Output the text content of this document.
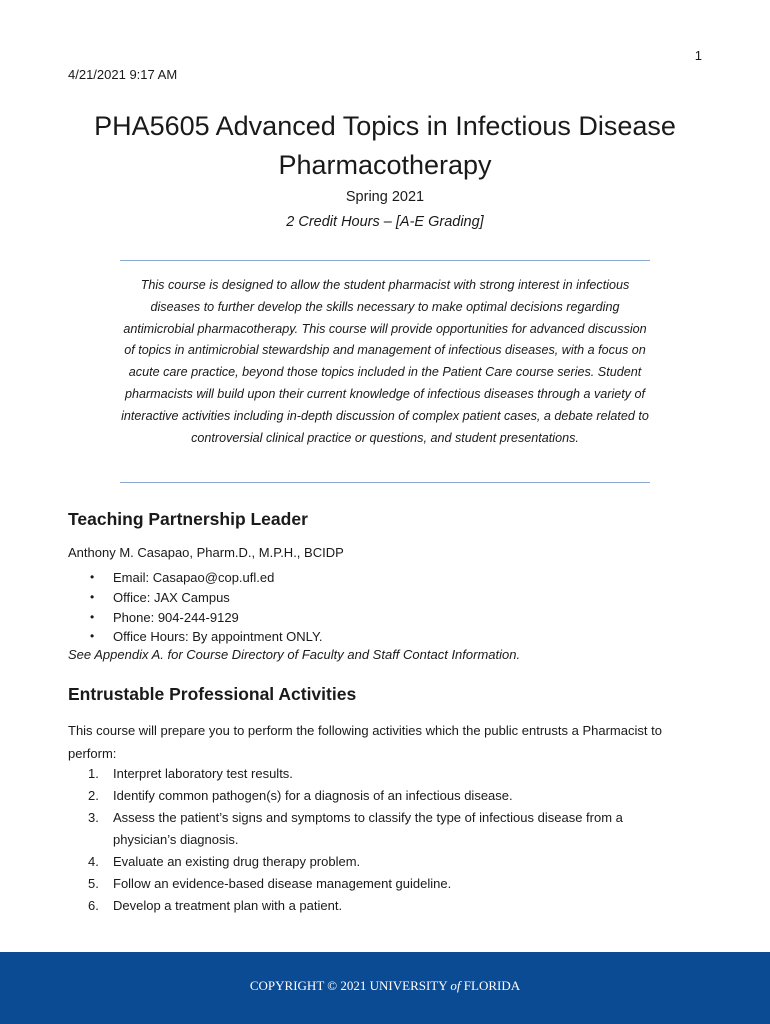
1
4/21/2021 9:17 AM
PHA5605 Advanced Topics in Infectious Disease Pharmacotherapy
Spring 2021
2 Credit Hours – [A-E Grading]
This course is designed to allow the student pharmacist with strong interest in infectious diseases to further develop the skills necessary to make optimal decisions regarding antimicrobial pharmacotherapy. This course will provide opportunities for advanced discussion of topics in antimicrobial stewardship and management of infectious diseases, with a focus on acute care practice, beyond those topics included in the Patient Care course series. Student pharmacists will build upon their current knowledge of infectious diseases through a variety of interactive activities including in-depth discussion of complex patient cases, a debate related to controversial clinical practice or questions, and student presentations.
Teaching Partnership Leader
Anthony M. Casapao, Pharm.D., M.P.H., BCIDP
• Email: Casapao@cop.ufl.ed
• Office: JAX Campus
• Phone: 904-244-9129
• Office Hours: By appointment ONLY.
See Appendix A. for Course Directory of Faculty and Staff Contact Information.
Entrustable Professional Activities
This course will prepare you to perform the following activities which the public entrusts a Pharmacist to perform:
1. Interpret laboratory test results.
2. Identify common pathogen(s) for a diagnosis of an infectious disease.
3. Assess the patient’s signs and symptoms to classify the type of infectious disease from a physician’s diagnosis.
4. Evaluate an existing drug therapy problem.
5. Follow an evidence-based disease management guideline.
6. Develop a treatment plan with a patient.
COPYRIGHT © 2021 UNIVERSITY of FLORIDA
